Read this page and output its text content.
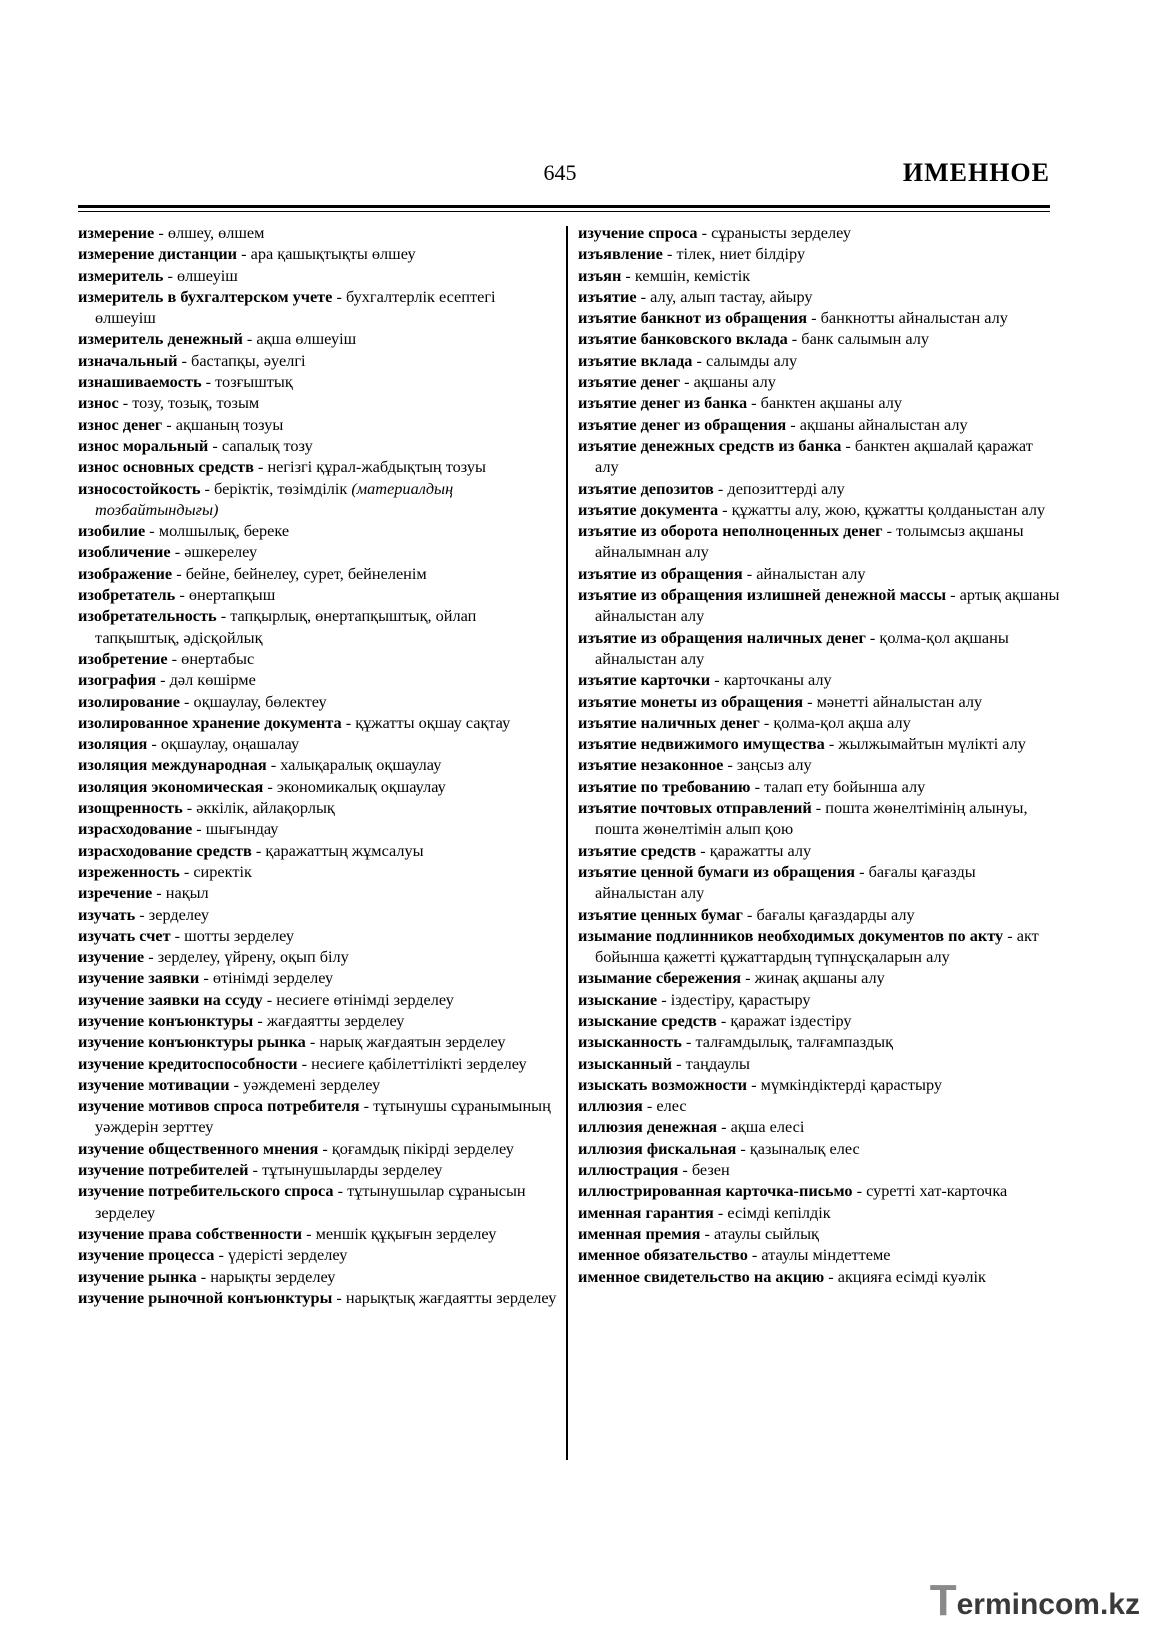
645	ИМЕННОЕ

измерение - өлшеу, өлшем

измерение дистанции - ара қашықтықты өлшеу

измеритель - өлшеуіш

измеритель в бухгалтерском учете - бухгалтерлік есептегі өлшеуіш

измеритель денежный - ақша өлшеуіш

изначальный - бастапқы, әуелгі

изнашиваемость - тозғыштық

износ - тозу, тозық, тозым

износ денег - ақшаның тозуы

износ моральный - сапалық тозу

износ основных средств - негізгі құрал-жабдықтың тозуы

износостойкость - беріктік, төзімділік (материалдың тозбайтындығы)

изобилие - молшылық, береке

изобличение - әшкерелеу

изображение - бейне, бейнелеу, сурет, бейнеленім

изобретатель - өнертапқыш

изобретательность - тапқырлық, өнертапқыштық, ойлап тапқыштық, әдісқойлық

изобретение - өнертабыс

изография - дәл көшірме

изолирование - оқшаулау, бөлектеу

изолированное хранение документа - құжатты оқшау сақтау

изоляция - оқшаулау, оңашалау

изоляция международная - халықаралық оқшаулау

изоляция экономическая - экономикалық оқшаулау

изощренность - әккілік, айлақорлық

израсходование - шығындау

израсходование средств - қаражаттың жұмсалуы

изреженность - сиректік

изречение - нақыл

изучать - зерделеу

изучать счет - шотты зерделеу

изучение - зерделеу, үйрену, оқып білу

изучение заявки - өтінімді зерделеу

изучение заявки на ссуду - несиеге өтінімді зерделеу

изучение конъюнктуры - жағдаятты зерделеу

изучение конъюнктуры рынка - нарық жағдаятын зерделеу

изучение кредитоспособности - несиеге қабілеттілікті зерделеу

изучение мотивации - уәждемені зерделеу

изучение мотивов спроса потребителя - тұтынушы сұранымының уәждерін зерттеу

изучение общественного мнения - қоғамдық пікірді зерделеу

изучение потребителей - тұтынушыларды зерделеу

изучение потребительского спроса - тұтынушылар сұранысын зерделеу

изучение права собственности - меншік құқығын зерделеу

изучение процесса - үдерісті зерделеу

изучение рынка - нарықты зерделеу

изучение рыночной конъюнктуры - нарықтық жағдаятты зерделеу

изучение спроса - сұранысты зерделеу

изъявление - тілек, ниет білдіру

изъян - кемшін, кемістік

изъятие - алу, алып тастау, айыру

изъятие банкнот из обращения - банкнотты айналыстан алу

изъятие банковского вклада - банк салымын алу

изъятие вклада - салымды алу

изъятие денег - ақшаны алу

изъятие денег из банка - банктен ақшаны алу

изъятие денег из обращения - ақшаны айналыстан алу

изъятие денежных средств из банка - банктен ақшалай қаражат алу

изъятие депозитов - депозиттерді алу

изъятие документа - құжатты алу, жою, құжатты қолданыстан алу

изъятие из оборота неполноценных денег - толымсыз ақшаны айналымнан алу

изъятие из обращения - айналыстан алу

изъятие из обращения излишней денежной массы - артық ақшаны айналыстан алу

изъятие из обращения наличных денег - қолма-қол ақшаны айналыстан алу

изъятие карточки - карточканы алу

изъятие монеты из обращения - мәнетті айналыстан алу

изъятие наличных денег - қолма-қол ақша алу

изъятие недвижимого имущества - жылжымайтын мүлікті алу

изъятие незаконное - заңсыз алу

изъятие по требованию - талап ету бойынша алу

изъятие почтовых отправлений - пошта жөнелтімінің алынуы, пошта жөнелтімін алып қою

изъятие средств - қаражатты алу

изъятие ценной бумаги из обращения - бағалы қағазды айналыстан алу

изъятие ценных бумаг - бағалы қағаздарды алу

изымание подлинников необходимых документов по акту - акт бойынша қажетті құжаттардың түпнұсқаларын алу

изымание сбережения - жинақ ақшаны алу

изыскание - іздестіру, қарастыру

изыскание средств - қаражат іздестіру

изысканность - талғамдылық, талғампаздық

изысканный - таңдаулы

изыскать возможности - мүмкіндіктерді қарастыру

иллюзия - елес

иллюзия денежная - ақша елесі

иллюзия фискальная - қазыналық елес

иллюстрация - безен

иллюстрированная карточка-письмо - суретті хат-карточка

именная гарантия - есімді кепілдік

именная премия - атаулы сыйлық

именное обязательство - атаулы міндеттеме

именное свидетельство на акцию - акцияға есімді куәлік

T ermincom.kz
